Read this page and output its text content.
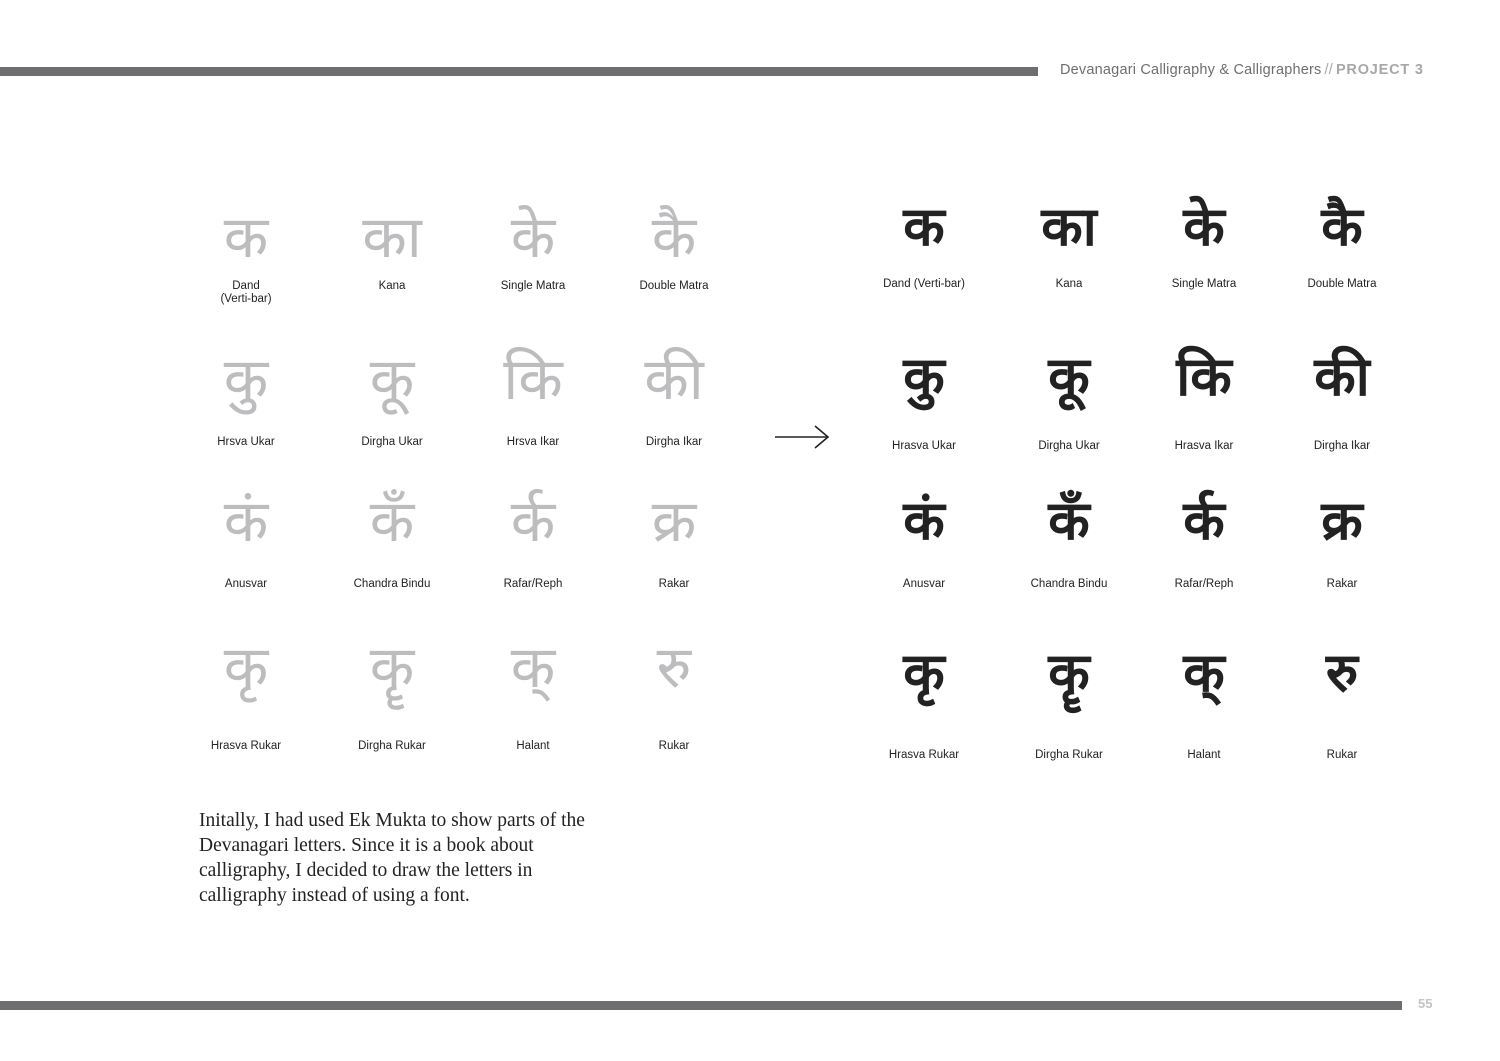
Devanagari Calligraphy & Calligraphers // PROJECT 3
क
Dand
(Verti-bar)
क
Kana
क
Single Matra
क
Double Matra
क
Hrsva Ukar
क
Dirgha Ukar
क
Hrsva Ikar
क
Dirgha Ikar
क
Anusvar
क
Chandra Bindu
र्क
Rafar/Reph
क्र
Rakar
क
Hrasva Rukar
क
Dirgha Rukar
क
Halant
रु
Rukar
क
Dand (Verti-bar)
क
Kana
क
Single Matra
क
Double Matra
क
Hrasva Ukar
क
Dirgha Ukar
क
Hrasva Ikar
क
Dirgha Ikar
क
Anusvar
क
Chandra Bindu
र्क
Rafar/Reph
क्र
Rakar
क
Hrasva Rukar
क
Dirgha Rukar
क
Halant
रु
Rukar
Initally, I had used Ek Mukta to show parts of the Devanagari letters. Since it is a book about calligraphy, I decided to draw the letters in calligraphy instead of using a font.
55
